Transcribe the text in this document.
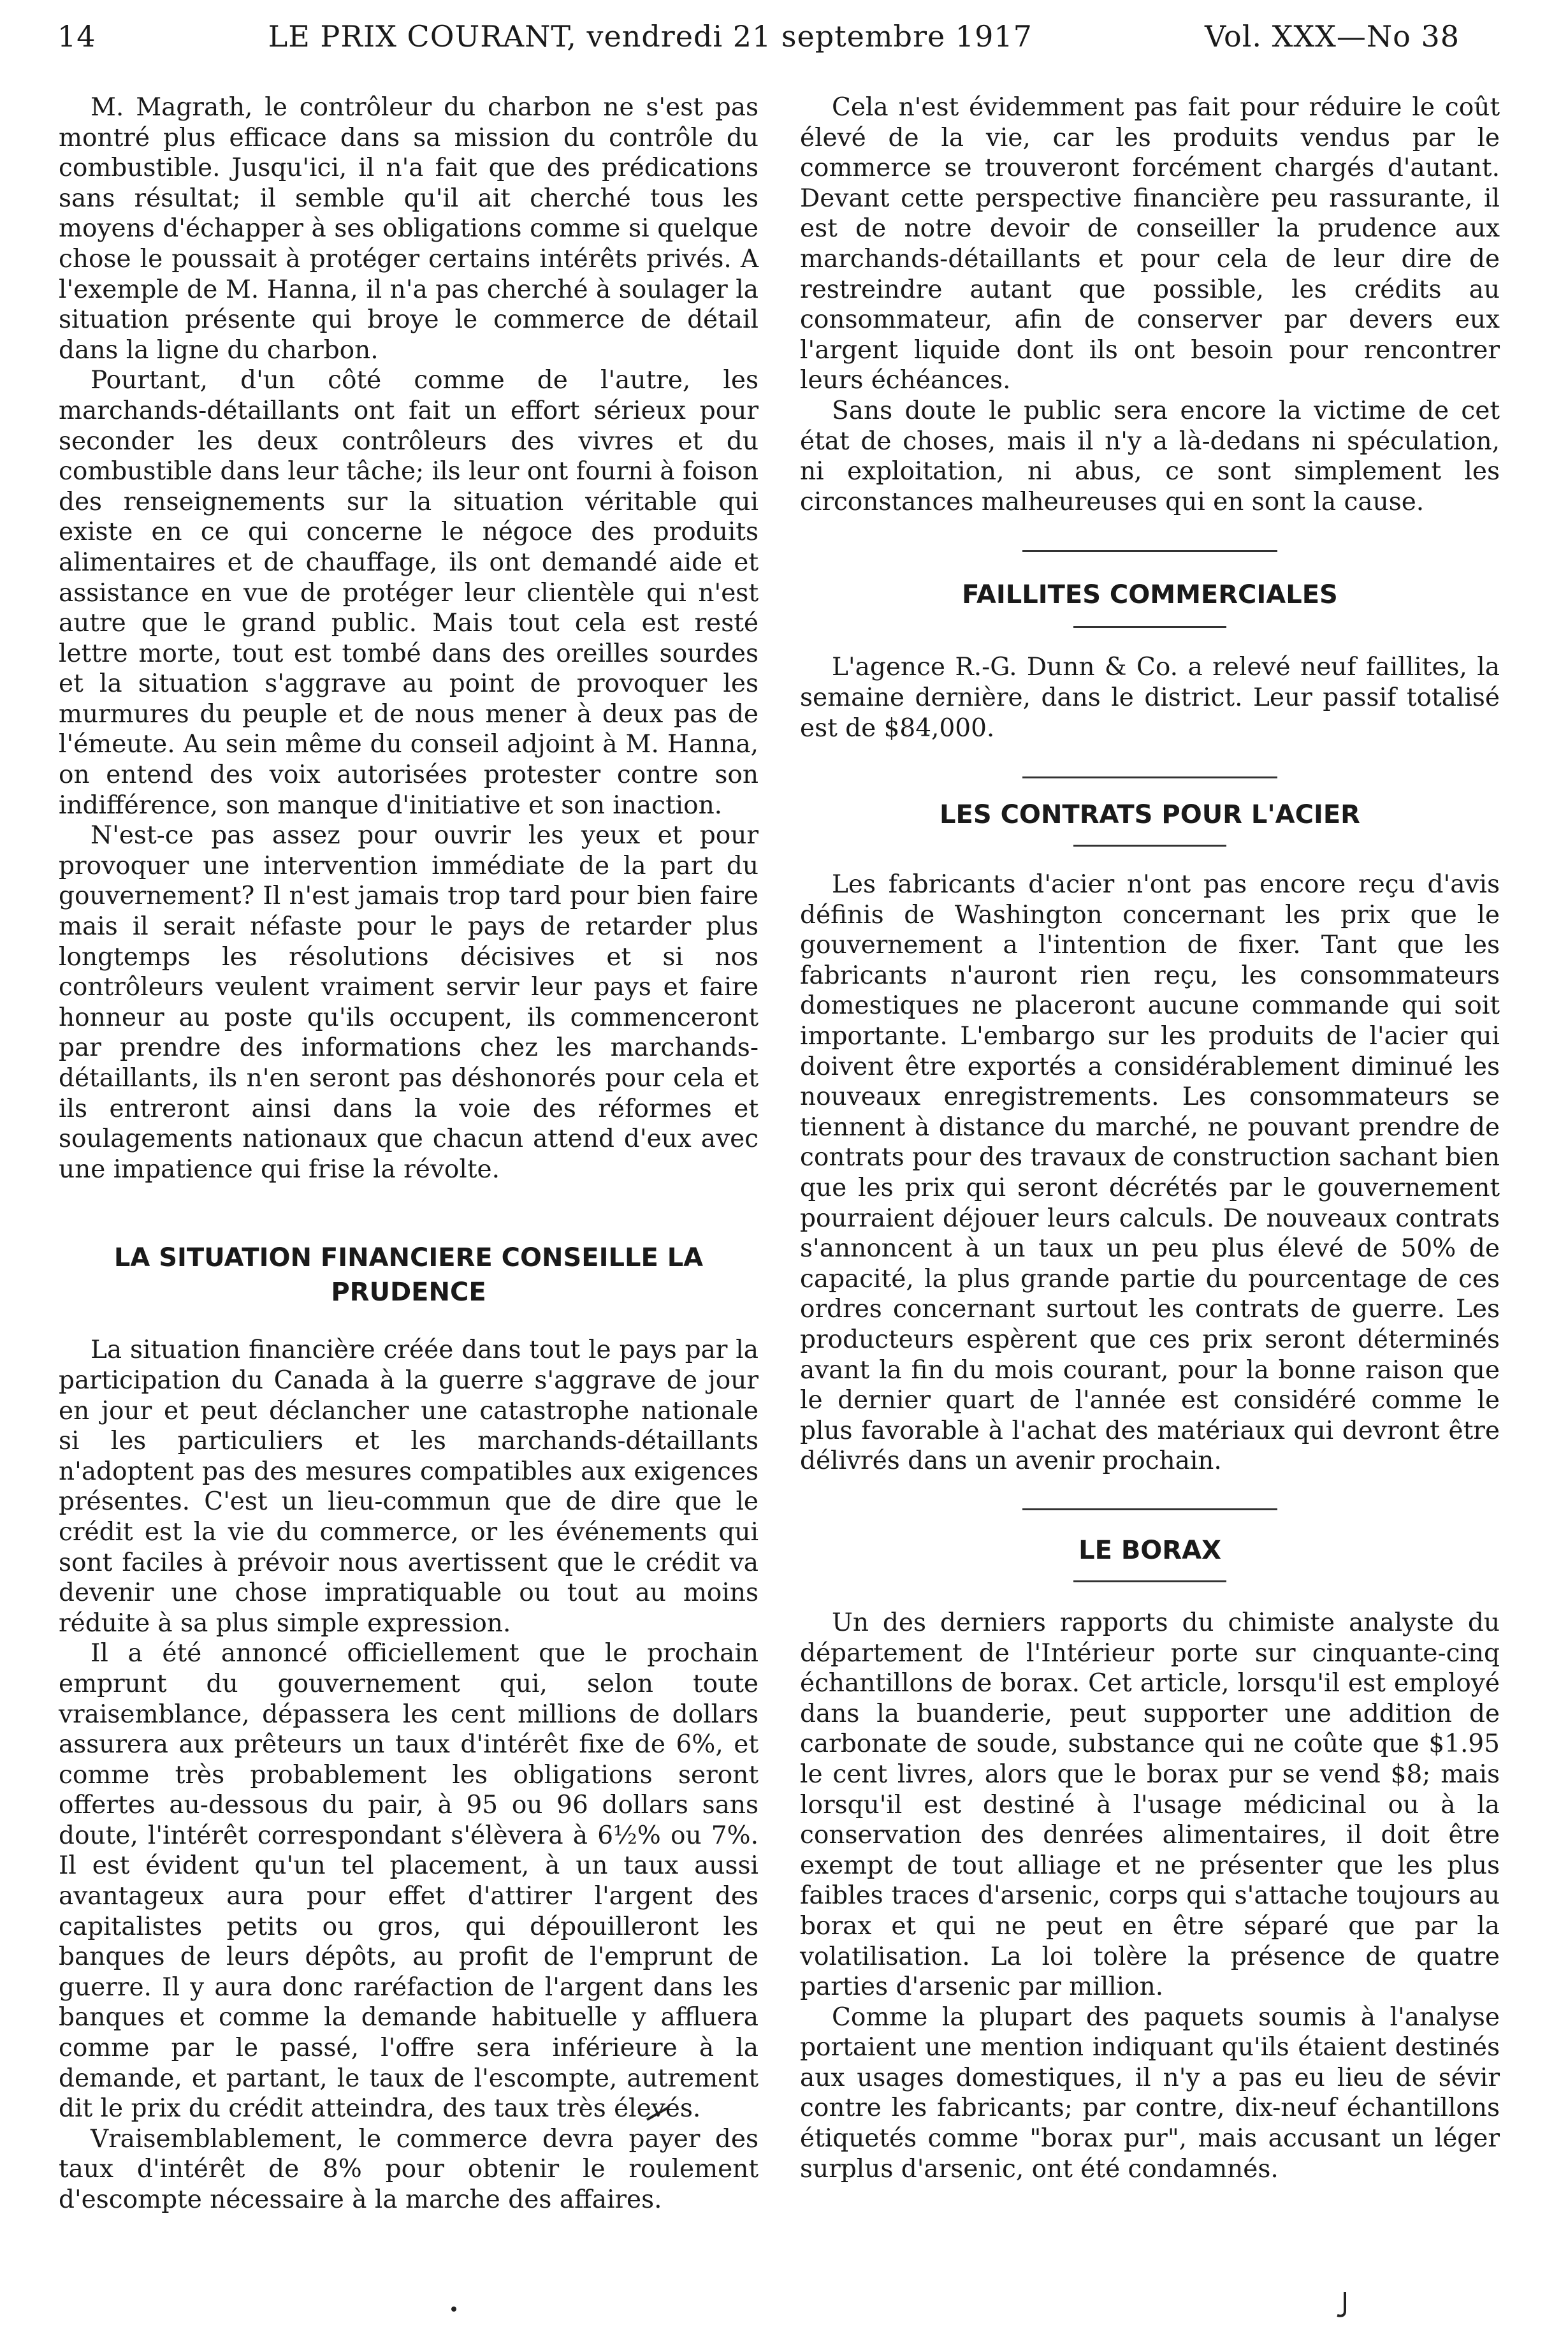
14	LE PRIX COURANT, vendredi 21 septembre 1917	Vol. XXX—No 38

M. Magrath, le contrôleur du charbon ne s'est pas montré plus efficace dans sa mission du contrôle du combustible. Jusqu'ici, il n'a fait que des prédications sans résultat; il semble qu'il ait cherché tous les moyens d'échapper à ses obligations comme si quelque chose le poussait à protéger certains intérêts privés. A l'exemple de M. Hanna, il n'a pas cherché à soulager la situation présente qui broye le commerce de détail dans la ligne du charbon.

Pourtant, d'un côté comme de l'autre, les marchands-détaillants ont fait un effort sérieux pour seconder les deux contrôleurs des vivres et du combustible dans leur tâche; ils leur ont fourni à foison des renseignements sur la situation véritable qui existe en ce qui concerne le négoce des produits alimentaires et de chauffage, ils ont demandé aide et assistance en vue de protéger leur clientèle qui n'est autre que le grand public. Mais tout cela est resté lettre morte, tout est tombé dans des oreilles sourdes et la situation s'aggrave au point de provoquer les murmures du peuple et de nous mener à deux pas de l'émeute. Au sein même du conseil adjoint à M. Hanna, on entend des voix autorisées protester contre son indifférence, son manque d'initiative et son inaction.

N'est-ce pas assez pour ouvrir les yeux et pour provoquer une intervention immédiate de la part du gouvernement? Il n'est jamais trop tard pour bien faire mais il serait néfaste pour le pays de retarder plus longtemps les résolutions décisives et si nos contrôleurs veulent vraiment servir leur pays et faire honneur au poste qu'ils occupent, ils commenceront par prendre des informations chez les marchands-détaillants, ils n'en seront pas déshonorés pour cela et ils entreront ainsi dans la voie des réformes et soulagements nationaux que chacun attend d'eux avec une impatience qui frise la révolte.

LA SITUATION FINANCIERE CONSEILLE LA
PRUDENCE

La situation financière créée dans tout le pays par la participation du Canada à la guerre s'aggrave de jour en jour et peut déclancher une catastrophe nationale si les particuliers et les marchands-détaillants n'adoptent pas des mesures compatibles aux exigences présentes. C'est un lieu-commun que de dire que le crédit est la vie du commerce, or les événements qui sont faciles à prévoir nous avertissent que le crédit va devenir une chose impratiquable ou tout au moins réduite à sa plus simple expression.

Il a été annoncé officiellement que le prochain emprunt du gouvernement qui, selon toute vraisemblance, dépassera les cent millions de dollars assurera aux prêteurs un taux d'intérêt fixe de 6%, et comme très probablement les obligations seront offertes au-dessous du pair, à 95 ou 96 dollars sans doute, l'intérêt correspondant s'élèvera à 6½% ou 7%. Il est évident qu'un tel placement, à un taux aussi avantageux aura pour effet d'attirer l'argent des capitalistes petits ou gros, qui dépouilleront les banques de leurs dépôts, au profit de l'emprunt de guerre. Il y aura donc raréfaction de l'argent dans les banques et comme la demande habituelle y affluera comme par le passé, l'offre sera inférieure à la demande, et partant, le taux de l'escompte, autrement dit le prix du crédit atteindra, des taux très élevés.

Vraisemblablement, le commerce devra payer des taux d'intérêt de 8% pour obtenir le roulement d'escompte nécessaire à la marche des affaires.

Cela n'est évidemment pas fait pour réduire le coût élevé de la vie, car les produits vendus par le commerce se trouveront forcément chargés d'autant. Devant cette perspective financière peu rassurante, il est de notre devoir de conseiller la prudence aux marchands-détaillants et pour cela de leur dire de restreindre autant que possible, les crédits au consommateur, afin de conserver par devers eux l'argent liquide dont ils ont besoin pour rencontrer leurs échéances.

Sans doute le public sera encore la victime de cet état de choses, mais il n'y a là-dedans ni spéculation, ni exploitation, ni abus, ce sont simplement les circonstances malheureuses qui en sont la cause.

FAILLITES COMMERCIALES

L'agence R.-G. Dunn & Co. a relevé neuf faillites, la semaine dernière, dans le district. Leur passif totalisé est de $84,000.

LES CONTRATS POUR L'ACIER

Les fabricants d'acier n'ont pas encore reçu d'avis définis de Washington concernant les prix que le gouvernement a l'intention de fixer. Tant que les fabricants n'auront rien reçu, les consommateurs domestiques ne placeront aucune commande qui soit importante. L'embargo sur les produits de l'acier qui doivent être exportés a considérablement diminué les nouveaux enregistrements. Les consommateurs se tiennent à distance du marché, ne pouvant prendre de contrats pour des travaux de construction sachant bien que les prix qui seront décrétés par le gouvernement pourraient déjouer leurs calculs. De nouveaux contrats s'annoncent à un taux un peu plus élevé de 50% de capacité, la plus grande partie du pourcentage de ces ordres concernant surtout les contrats de guerre. Les producteurs espèrent que ces prix seront déterminés avant la fin du mois courant, pour la bonne raison que le dernier quart de l'année est considéré comme le plus favorable à l'achat des matériaux qui devront être délivrés dans un avenir prochain.

LE BORAX

Un des derniers rapports du chimiste analyste du département de l'Intérieur porte sur cinquante-cinq échantillons de borax. Cet article, lorsqu'il est employé dans la buanderie, peut supporter une addition de carbonate de soude, substance qui ne coûte que $1.95 le cent livres, alors que le borax pur se vend $8; mais lorsqu'il est destiné à l'usage médicinal ou à la conservation des denrées alimentaires, il doit être exempt de tout alliage et ne présenter que les plus faibles traces d'arsenic, corps qui s'attache toujours au borax et qui ne peut en être séparé que par la volatilisation. La loi tolère la présence de quatre parties d'arsenic par million.

Comme la plupart des paquets soumis à l'analyse portaient une mention indiquant qu'ils étaient destinés aux usages domestiques, il n'y a pas eu lieu de sévir contre les fabricants; par contre, dix-neuf échantillons étiquetés comme "borax pur", mais accusant un léger surplus d'arsenic, ont été condamnés.
